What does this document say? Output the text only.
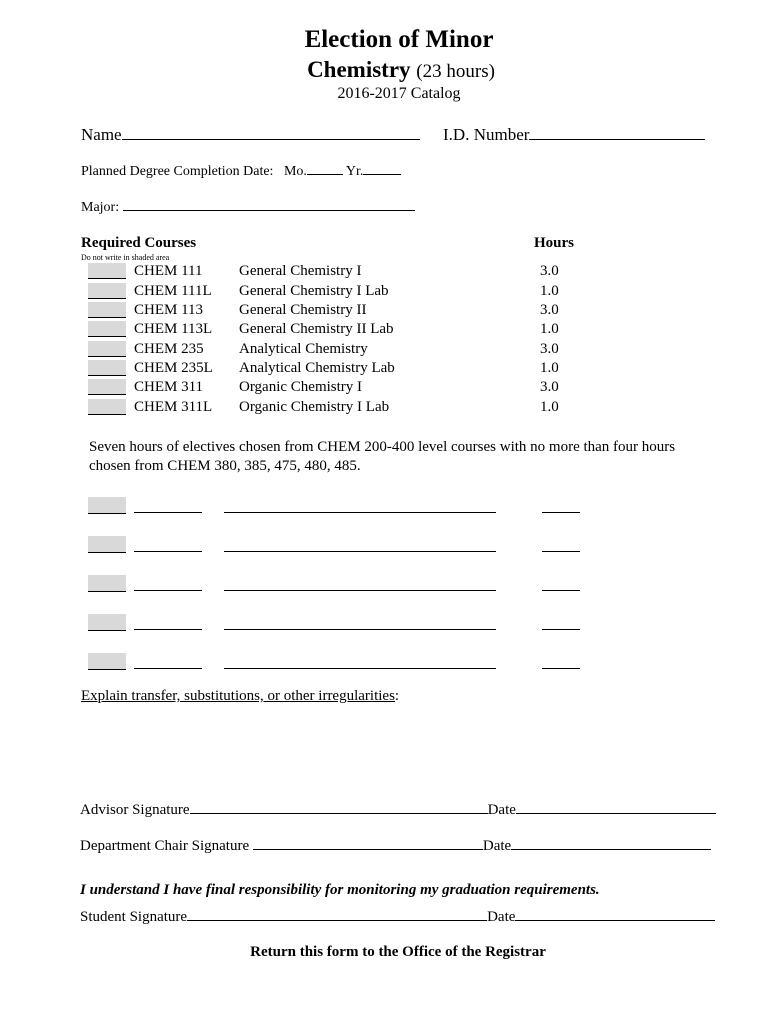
Election of Minor
Chemistry (23 hours)
2016-2017 Catalog
Name	I.D. Number
Planned Degree Completion Date: Mo.	Yr.
Major:
Required Courses	Hours
Do not write in shaded area
CHEM 111 General Chemistry I	3.0
CHEM 111L General Chemistry I Lab	1.0
CHEM 113 General Chemistry II	3.0
CHEM 113L General Chemistry II Lab	1.0
CHEM 235 Analytical Chemistry	3.0
CHEM 235L Analytical Chemistry Lab	1.0
CHEM 311 Organic Chemistry I	3.0
CHEM 311L Organic Chemistry I Lab	1.0
Seven hours of electives chosen from CHEM 200-400 level courses with no more than four hours
chosen from CHEM 380, 385, 475, 480, 485.
Explain transfer, substitutions, or other irregularities:
Advisor Signature	Date
Department Chair Signature	Date
I understand I have final responsibility for monitoring my graduation requirements.
Student Signature	Date
Return this form to the Office of the Registrar
